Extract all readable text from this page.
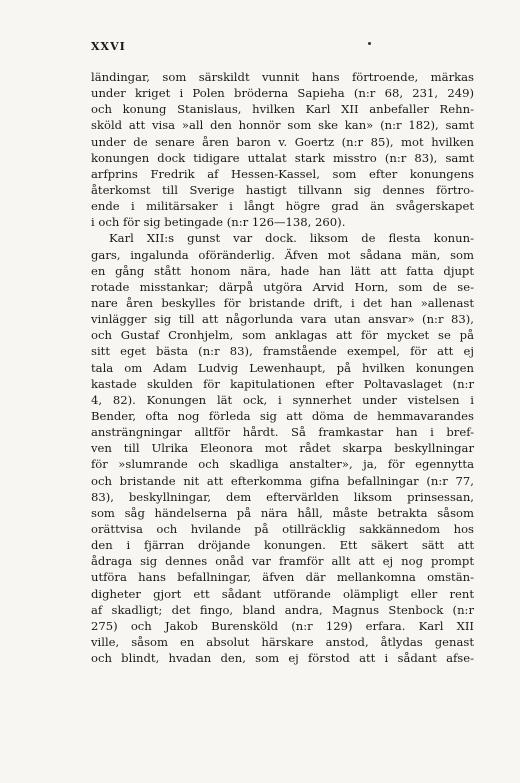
XXVI
ländingar, som särskildt vunnit hans förtroende, märkas
under kriget i Polen bröderna Sapieha (n:r 68, 231, 249)
och konung Stanislaus, hvilken Karl XII anbefaller Rehn-
sköld att visa »all den honnör som ske kan» (n:r 182), samt
under de senare åren baron v. Goertz (n:r 85), mot hvilken
konungen dock tidigare uttalat stark misstro (n:r 83), samt
arfprins Fredrik af Hessen-Kassel, som efter konungens
återkomst till Sverige hastigt tillvann sig dennes förtro-
ende i militärsaker i långt högre grad än svågerskapet
i och för sig betingade (n:r 126—138, 260).
Karl XII:s gunst var dock. liksom de flesta konun-
gars, ingalunda oföränderlig. Äfven mot sådana män, som
en gång stått honom nära, hade han lätt att fatta djupt
rotade misstankar; därpå utgöra Arvid Horn, som de se-
nare åren beskylles för bristande drift, i det han »allenast
vinlägger sig till att någorlunda vara utan ansvar» (n:r 83),
och Gustaf Cronhjelm, som anklagas att för mycket se på
sitt eget bästa (n:r 83), framstående exempel, för att ej
tala om Adam Ludvig Lewenhaupt, på hvilken konungen
kastade skulden för kapitulationen efter Poltavaslaget (n:r
4, 82). Konungen lät ock, i synnerhet under vistelsen i
Bender, ofta nog förleda sig att döma de hemmavarandes
ansträngningar alltför hårdt. Så framkastar han i bref-
ven till Ulrika Eleonora mot rådet skarpa beskyllningar
för »slumrande och skadliga anstalter», ja, för egennytta
och bristande nit att efterkomma gifna befallningar (n:r 77,
83), beskyllningar, dem eftervärlden liksom prinsessan,
som såg händelserna på nära håll, måste betrakta såsom
orättvisa och hvilande på otillräcklig sakkännedom hos
den i fjärran dröjande konungen. Ett säkert sätt att
ådraga sig dennes onåd var framför allt att ej nog prompt
utföra hans befallningar, äfven där mellankomna omstän-
digheter gjort ett sådant utförande olämpligt eller rent
af skadligt; det fingo, bland andra, Magnus Stenbock (n:r
275) och Jakob Burensköld (n:r 129) erfara. Karl XII
ville, såsom en absolut härskare anstod, åtlydas genast
och blindt, hvadan den, som ej förstod att i sådant afse-
